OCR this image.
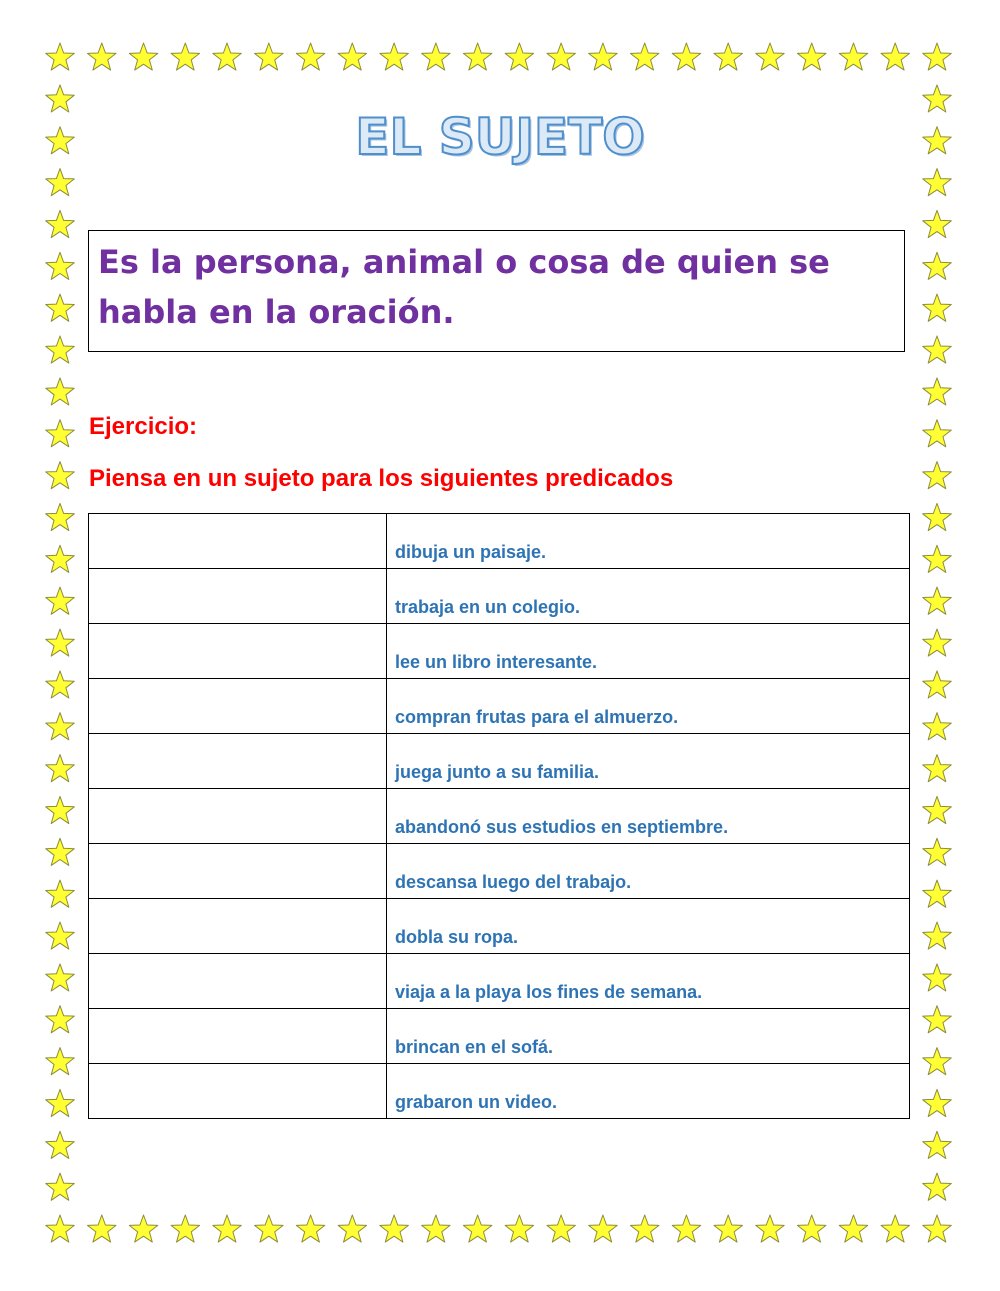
EL SUJETO

Es la persona, animal o cosa de quien se habla en la oración.

Ejercicio:
Piensa en un sujeto para los siguientes predicados
	dibuja un paisaje.
	trabaja en un colegio.
	lee un libro interesante.
	compran frutas para el almuerzo.
	juega junto a su familia.
	abandonó sus estudios en septiembre.
	descansa luego del trabajo.
	dobla su ropa.
	viaja a la playa los fines de semana.
	brincan en el sofá.
	grabaron un video.
